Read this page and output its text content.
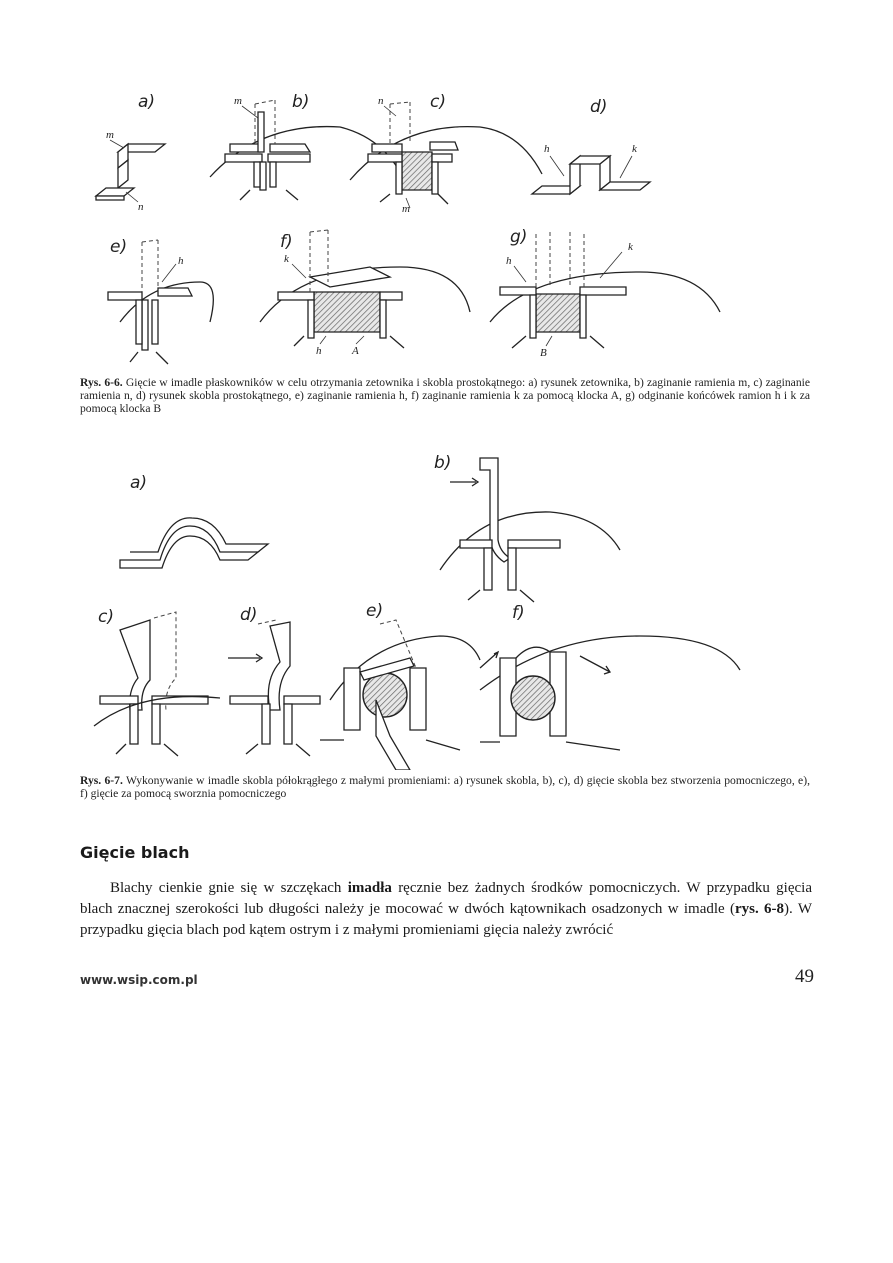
a)
m
n
b)
m	c)
n
m
d)
h	k
e)
h
f)
k
h	A
g)
h
k
B
Rys. 6-6. Gięcie w imadle płaskowników w celu otrzymania zetownika i skobla prostokątnego: a) rysunek zetownika, b) zaginanie ramienia m, c) zaginanie ramienia n, d) rysunek skobla prostokątnego, e) zaginanie ramienia h, f) zaginanie ramienia k za pomocą klocka A, g) odginanie końcówek ramion h i k za pomocą klocka B
a)
b)
c)	d)	e)	f)
Rys. 6-7. Wykonywanie w imadle skobla półokrągłego z małymi promieniami: a) rysunek skobla, b), c), d) gięcie skobla bez stworzenia pomocniczego, e), f) gięcie za pomocą sworznia pomocniczego
Gięcie blach
Blachy cienkie gnie się w szczękach imadła ręcznie bez żadnych środków pomocniczych. W przypadku gięcia blach znacznej szerokości lub długości należy je mocować w dwóch kątownikach osadzonych w imadle (rys. 6-8). W przypadku gięcia blach pod kątem ostrym i z małymi promieniami gięcia należy zwrócić
www.wsip.com.pl	49
